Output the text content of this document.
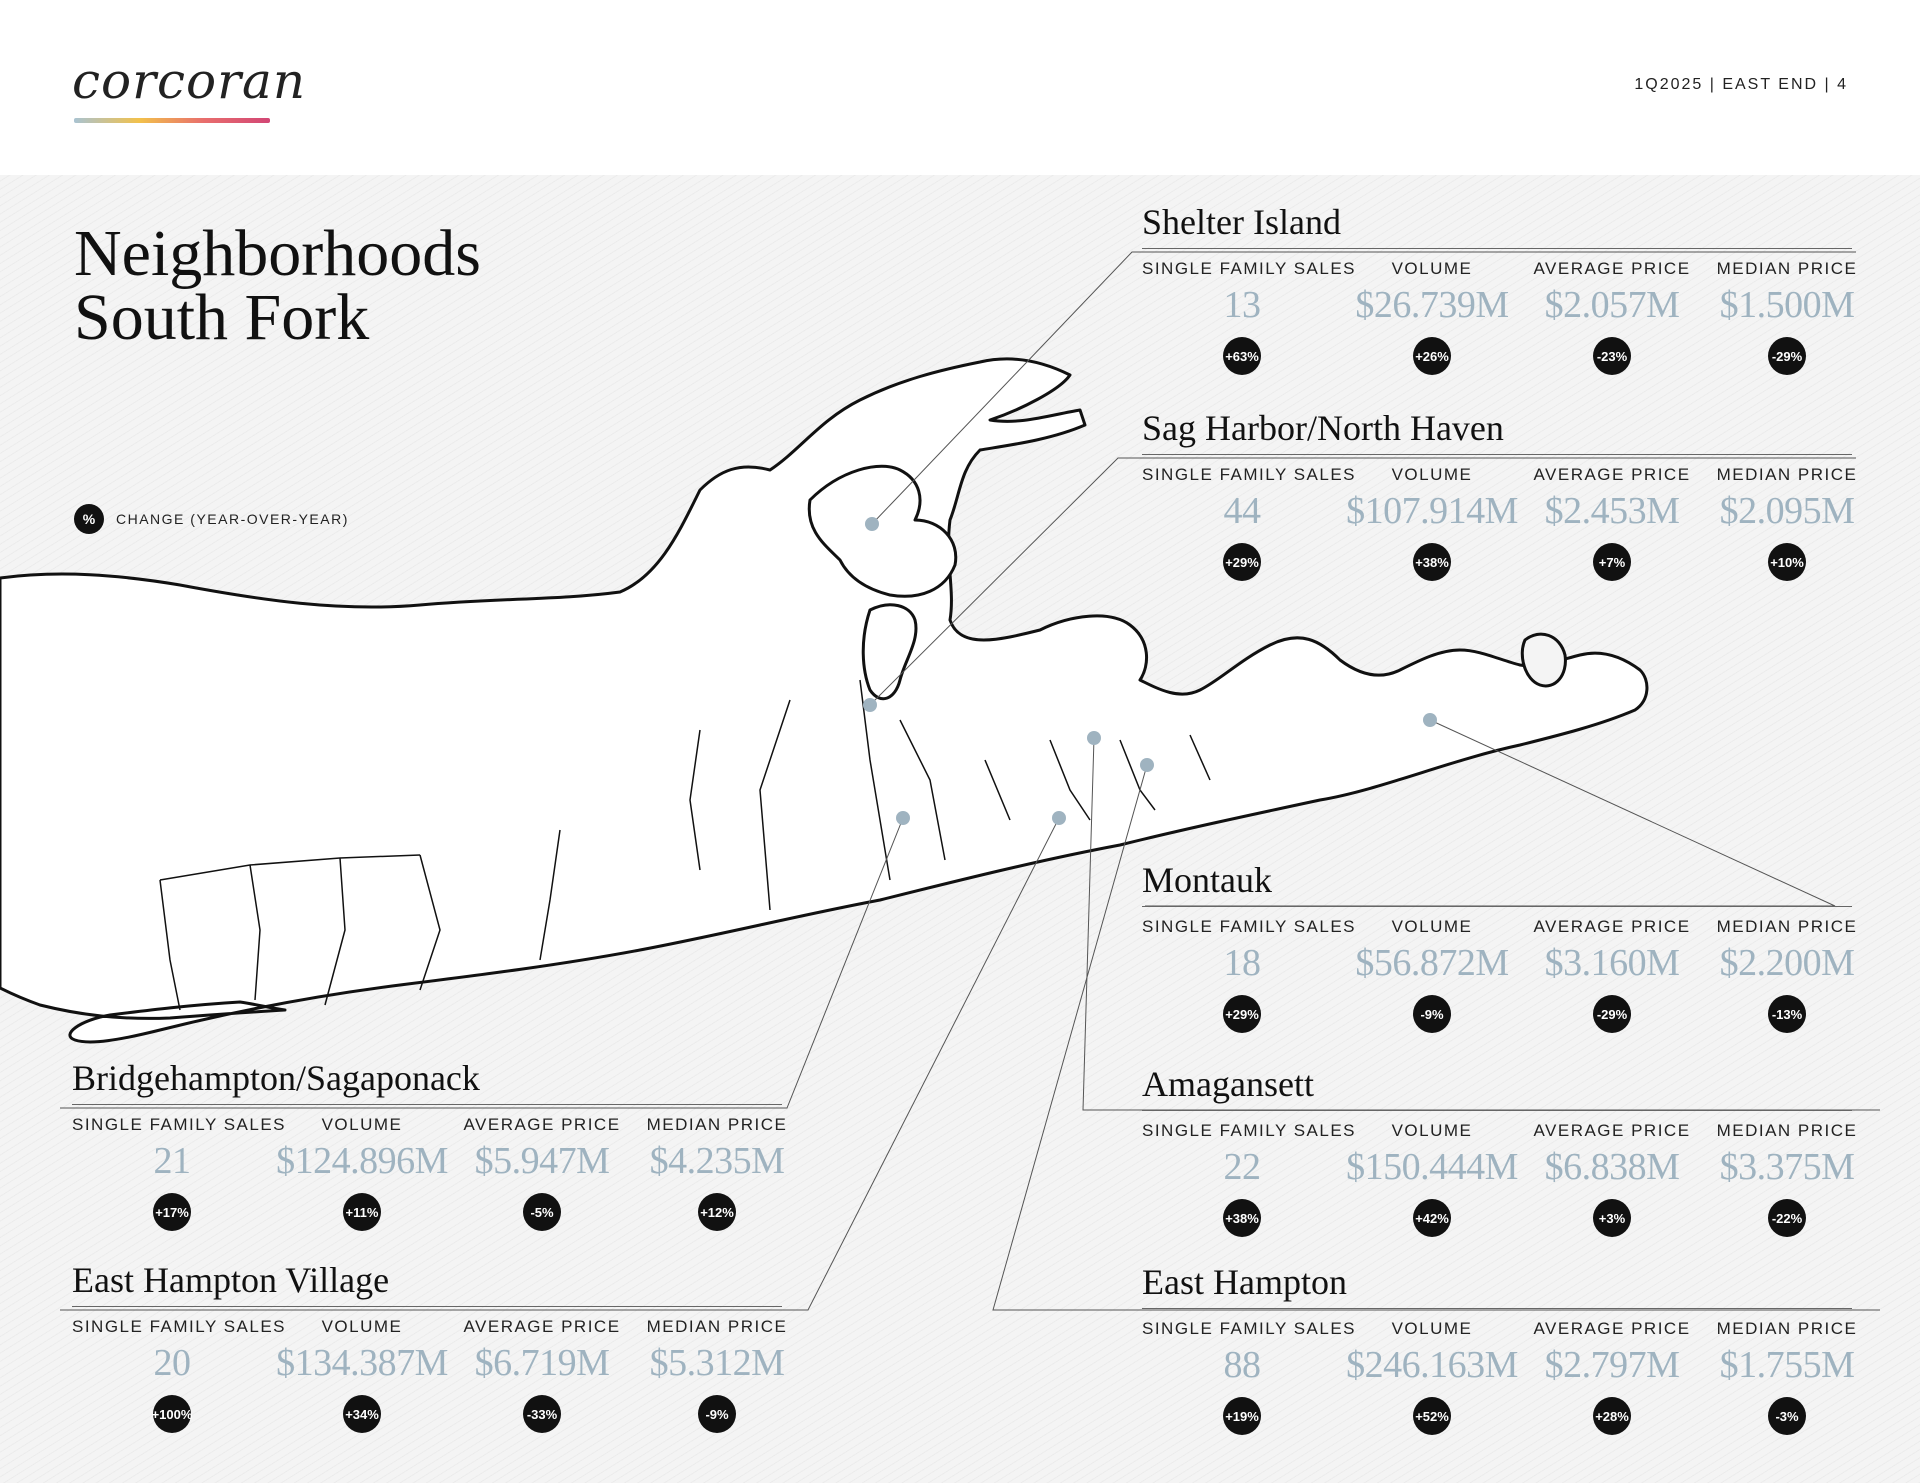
corcoran	1Q2025 | EAST END | 4
Neighborhoods
South Fork
%	CHANGE (YEAR-OVER-YEAR)
Shelter Island
SINGLE FAMILY SALES
13
+63%
VOLUME
$26.739M
+26%
AVERAGE PRICE
$2.057M
-23%
MEDIAN PRICE
$1.500M
-29%
Sag Harbor/North Haven
SINGLE FAMILY SALES
44
+29%
VOLUME
$107.914M
+38%
AVERAGE PRICE
$2.453M
+7%
MEDIAN PRICE
$2.095M
+10%
Montauk
SINGLE FAMILY SALES
18
+29%
VOLUME
$56.872M
-9%
AVERAGE PRICE
$3.160M
-29%
MEDIAN PRICE
$2.200M
-13%
Amagansett
SINGLE FAMILY SALES
22
+38%
VOLUME
$150.444M
+42%
AVERAGE PRICE
$6.838M
+3%
MEDIAN PRICE
$3.375M
-22%
East Hampton
SINGLE FAMILY SALES
88
+19%
VOLUME
$246.163M
+52%
AVERAGE PRICE
$2.797M
+28%
MEDIAN PRICE
$1.755M
-3%
Bridgehampton/Sagaponack
SINGLE FAMILY SALES
21
+17%
VOLUME
$124.896M
+11%
AVERAGE PRICE
$5.947M
-5%
MEDIAN PRICE
$4.235M
+12%
East Hampton Village
SINGLE FAMILY SALES
20
+100%
VOLUME
$134.387M
+34%
AVERAGE PRICE
$6.719M
-33%
MEDIAN PRICE
$5.312M
-9%
